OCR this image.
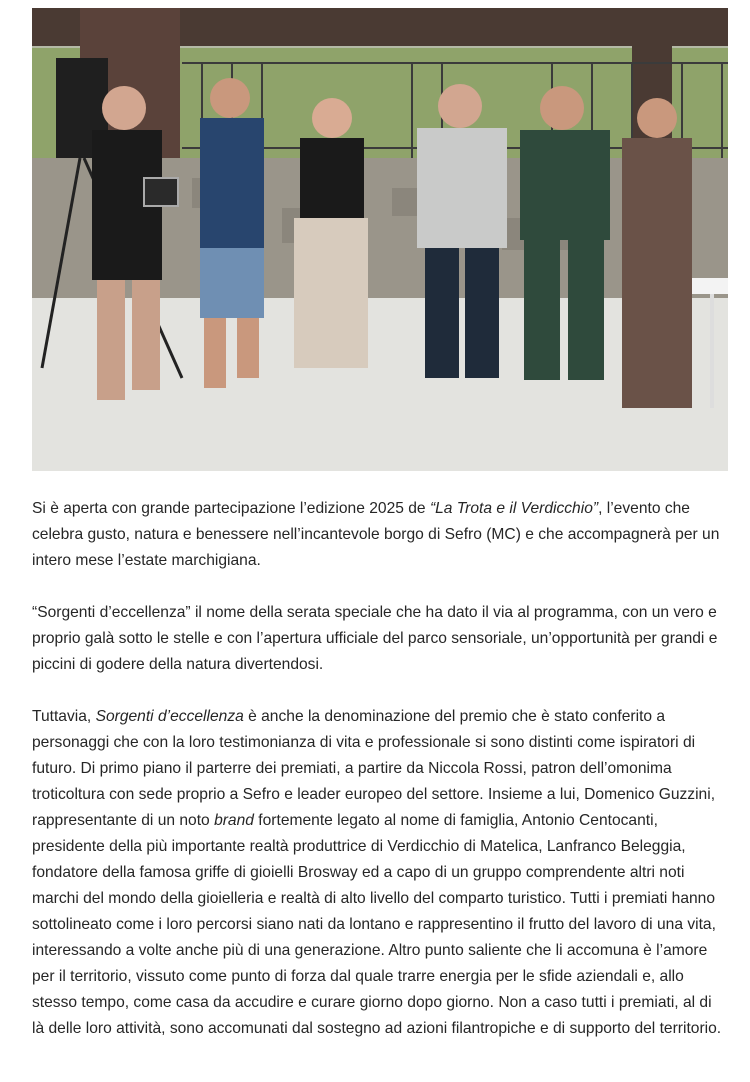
Si è aperta con grande partecipazione l’edizione 2025 de “La Trota e il Verdicchio”, l’evento che celebra gusto, natura e benessere nell’incantevole borgo di Sefro (MC) e che accompagnerà per un intero mese l’estate marchigiana.

“Sorgenti d’eccellenza” il nome della serata speciale che ha dato il via al programma, con un vero e proprio galà sotto le stelle e con l’apertura ufficiale del parco sensoriale, un’opportunità per grandi e piccini di godere della natura divertendosi.

Tuttavia, Sorgenti d’eccellenza è anche la denominazione del premio che è stato conferito a personaggi che con la loro testimonianza di vita e professionale si sono distinti come ispiratori di futuro. Di primo piano il parterre dei premiati, a partire da Niccola Rossi, patron dell’omonima troticoltura con sede proprio a Sefro e leader europeo del settore. Insieme a lui, Domenico Guzzini, rappresentante di un noto brand fortemente legato al nome di famiglia, Antonio Centocanti, presidente della più importante realtà produttrice di Verdicchio di Matelica, Lanfranco Beleggia, fondatore della famosa griffe di gioielli Brosway ed a capo di un gruppo comprendente altri noti marchi del mondo della gioielleria e realtà di alto livello del comparto turistico. Tutti i premiati hanno sottolineato come i loro percorsi siano nati da lontano e rappresentino il frutto del lavoro di una vita, interessando a volte anche più di una generazione. Altro punto saliente che li accomuna è l’amore per il territorio, vissuto come punto di forza dal quale trarre energia per le sfide aziendali e, allo stesso tempo, come casa da accudire e curare giorno dopo giorno. Non a caso tutti i premiati, al di là delle loro attività, sono accomunati dal sostegno ad azioni filantropiche e di supporto del territorio.
